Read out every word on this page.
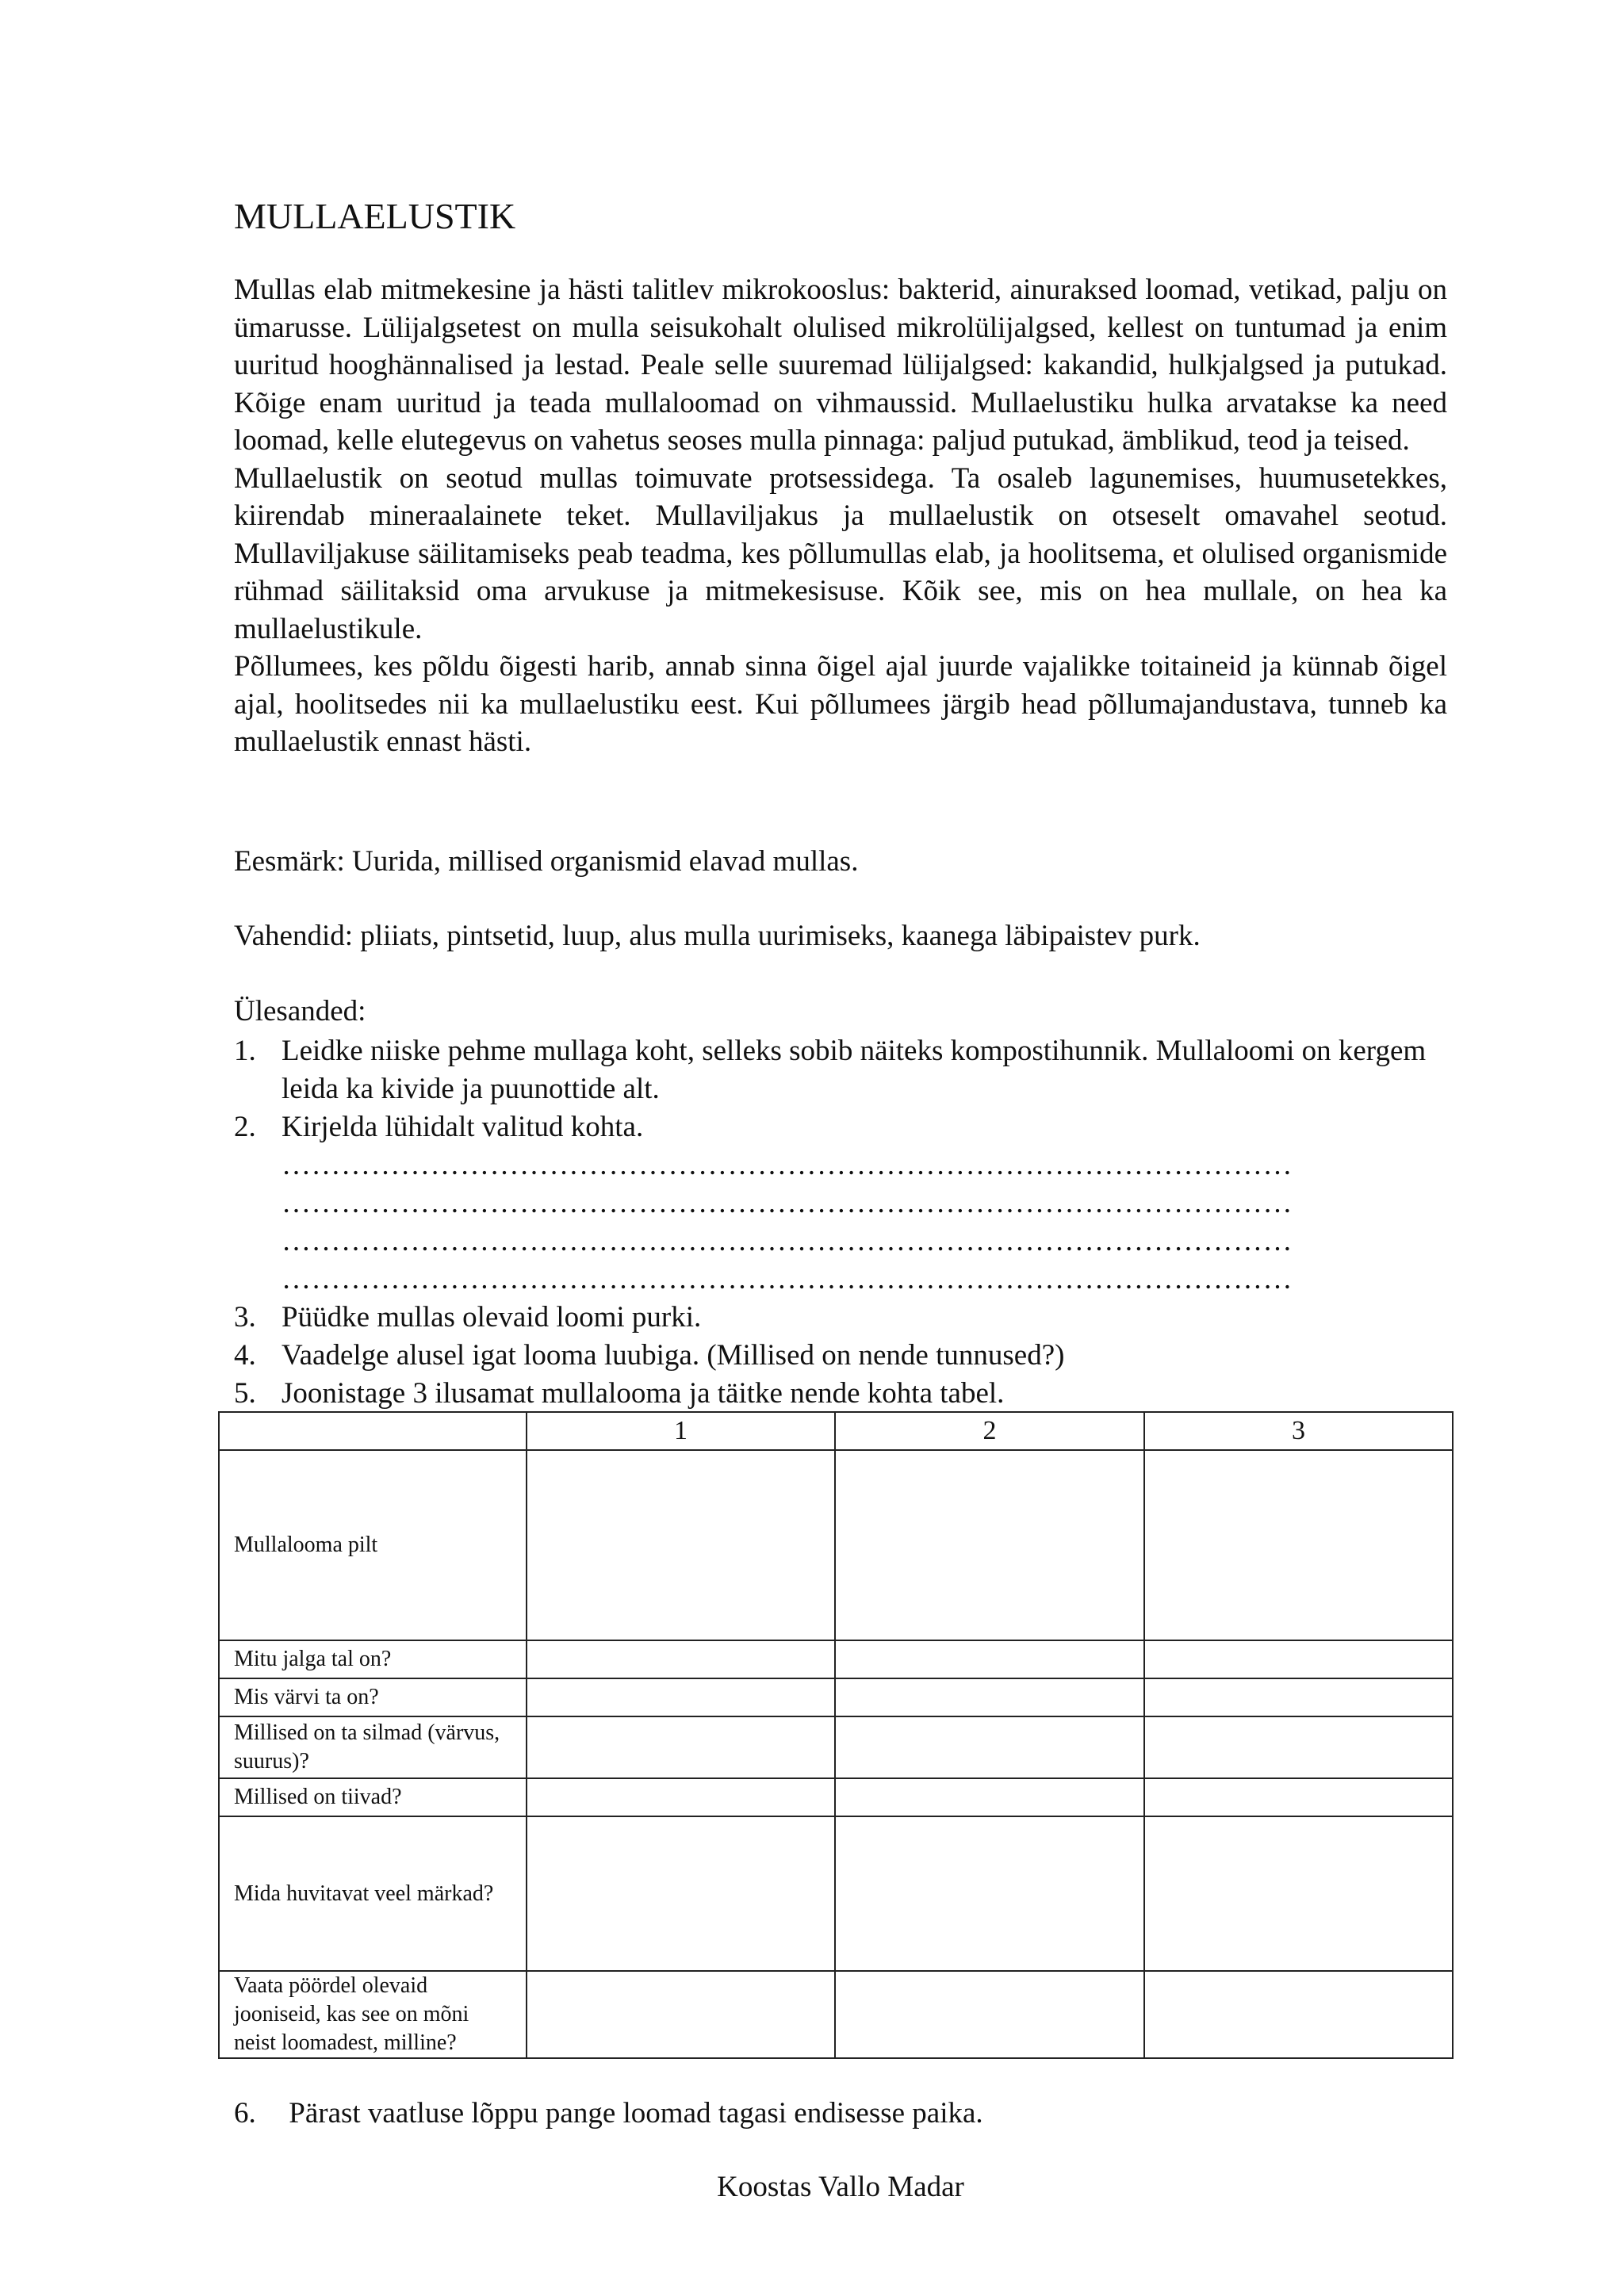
MULLAELUSTIK

Mullas elab mitmekesine ja hästi talitlev mikrokooslus: bakterid, ainuraksed loomad, vetikad, palju on ümarusse. Lülijalgsetest on mulla seisukohalt olulised mikrolülijalgsed, kellest on tuntumad ja enim uuritud hooghännalised ja lestad. Peale selle suuremad lülijalgsed: kakandid, hulkjalgsed ja putukad. Kõige enam uuritud ja teada mullaloomad on vihmaussid. Mullaelustiku hulka arvatakse ka need loomad, kelle elutegevus on vahetus seoses mulla pinnaga: paljud putukad, ämblikud, teod ja teised.

Mullaelustik on seotud mullas toimuvate protsessidega. Ta osaleb lagunemises, huumusetekkes, kiirendab mineraalainete teket. Mullaviljakus ja mullaelustik on otseselt omavahel seotud. Mullaviljakuse säilitamiseks peab teadma, kes põllumullas elab, ja hoolitsema, et olulised organismide rühmad säilitaksid oma arvukuse ja mitmekesisuse. Kõik see, mis on hea mullale, on hea ka mullaelustikule.

Põllumees, kes põldu õigesti harib, annab sinna õigel ajal juurde vajalikke toitaineid ja künnab õigel ajal, hoolitsedes nii ka mullaelustiku eest. Kui põllumees järgib head põllumajandustava, tunneb ka mullaelustik ennast hästi.

Eesmärk: Uurida, millised organismid elavad mullas.
Vahendid: pliiats, pintsetid, luup, alus mulla uurimiseks, kaanega läbipaistev purk.
Ülesanded:
1. Leidke niiske pehme mullaga koht, selleks sobib näiteks kompostihunnik. Mullaloomi on kergem leida ka kivide ja puunottide alt.
2. Kirjelda lühidalt valitud kohta.
…………………………………………………………………………………………
…………………………………………………………………………………………
…………………………………………………………………………………………
…………………………………………………………………………………………
3. Püüdke mullas olevaid loomi purki.
4. Vaadelge alusel igat looma luubiga. (Millised on nende tunnused?)
5. Joonistage 3 ilusamat mullalooma ja täitke nende kohta tabel.
	1	2	3
Mullalooma pilt			
Mitu jalga tal on?			
Mis värvi ta on?			
Millised on ta silmad (värvus, suurus)?			
Millised on tiivad?			
Mida huvitavat veel märkad?			
Vaata pöördel olevaid jooniseid, kas see on mõni neist loomadest, milline?			
6. Pärast vaatluse lõppu pange loomad tagasi endisesse paika.
Koostas Vallo Madar
